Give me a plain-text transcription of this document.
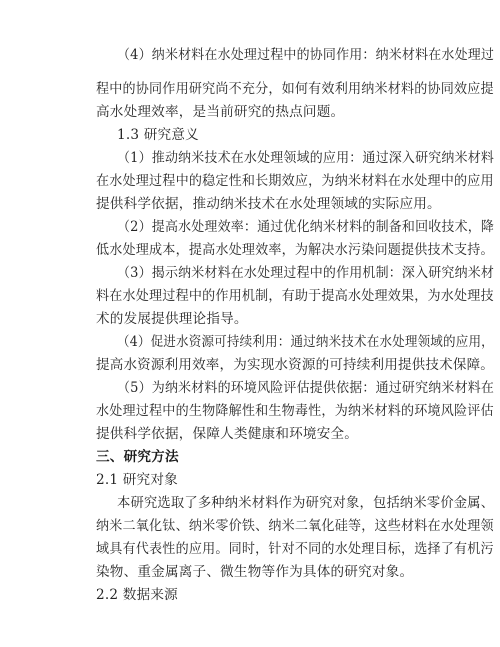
（4）纳米材料在水处理过程中的协同作用：纳米材料在水处理过
程中的协同作用研究尚不充分，如何有效利用纳米材料的协同效应提
高水处理效率，是当前研究的热点问题。
1.3 研究意义
（1）推动纳米技术在水处理领域的应用：通过深入研究纳米材料
在水处理过程中的稳定性和长期效应，为纳米材料在水处理中的应用
提供科学依据，推动纳米技术在水处理领域的实际应用。
（2）提高水处理效率：通过优化纳米材料的制备和回收技术，降
低水处理成本，提高水处理效率，为解决水污染问题提供技术支持。
（3）揭示纳米材料在水处理过程中的作用机制：深入研究纳米材
料在水处理过程中的作用机制，有助于提高水处理效果，为水处理技
术的发展提供理论指导。
（4）促进水资源可持续利用：通过纳米技术在水处理领域的应用，
提高水资源利用效率，为实现水资源的可持续利用提供技术保障。
（5）为纳米材料的环境风险评估提供依据：通过研究纳米材料在
水处理过程中的生物降解性和生物毒性，为纳米材料的环境风险评估
提供科学依据，保障人类健康和环境安全。
三、研究方法
2.1 研究对象
本研究选取了多种纳米材料作为研究对象，包括纳米零价金属、
纳米二氧化钛、纳米零价铁、纳米二氧化硅等，这些材料在水处理领
域具有代表性的应用。同时，针对不同的水处理目标，选择了有机污
染物、重金属离子、微生物等作为具体的研究对象。
2.2 数据来源
